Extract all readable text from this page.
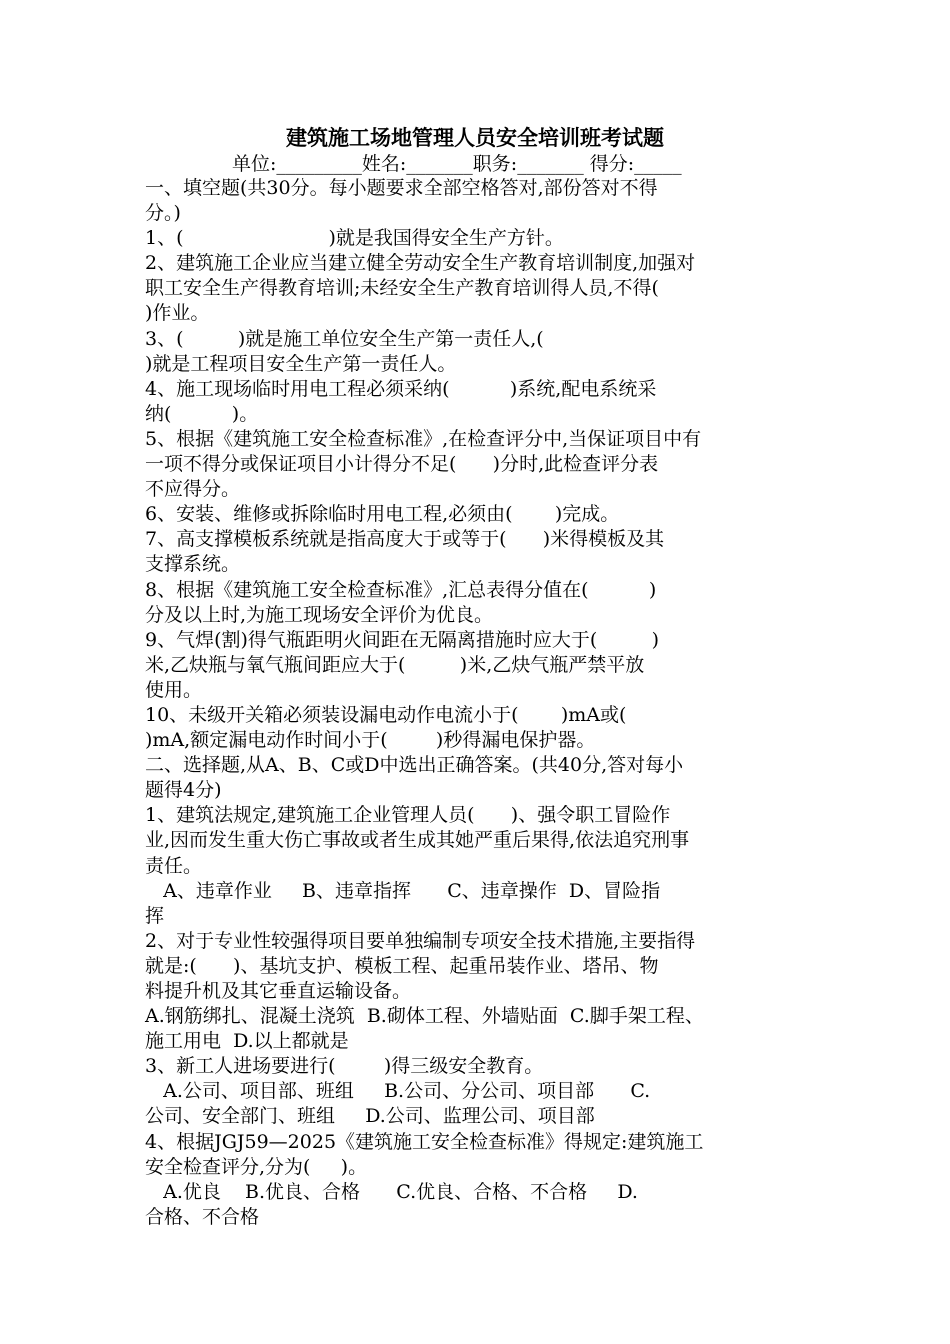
建筑施工场地管理人员安全培训班考试题
单位:_________姓名:_______职务:_______ 得分:_____
一、填空题(共30分。每小题要求全部空格答对,部份答对不得
分。)
1、(                        )就是我国得安全生产方针。
2、建筑施工企业应当建立健全劳动安全生产教育培训制度,加强对
职工安全生产得教育培训;未经安全生产教育培训得人员,不得(
)作业。
3、(         )就是施工单位安全生产第一责任人,(
)就是工程项目安全生产第一责任人。
4、施工现场临时用电工程必须采纳(          )系统,配电系统采
纳(          )。
5、根据《建筑施工安全检查标准》,在检查评分中,当保证项目中有
一项不得分或保证项目小计得分不足(      )分时,此检查评分表
不应得分。
6、安装、维修或拆除临时用电工程,必须由(       )完成。
7、高支撑模板系统就是指高度大于或等于(      )米得模板及其
支撑系统。
8、根据《建筑施工安全检查标准》,汇总表得分值在(          )
分及以上时,为施工现场安全评价为优良。
9、气焊(割)得气瓶距明火间距在无隔离措施时应大于(         )
米,乙炔瓶与氧气瓶间距应大于(         )米,乙炔气瓶严禁平放
使用。
10、未级开关箱必须装设漏电动作电流小于(       )mA或(
)mA,额定漏电动作时间小于(        )秒得漏电保护器。
二、选择题,从A、B、C或D中选出正确答案。(共40分,答对每小
题得4分)
1、建筑法规定,建筑施工企业管理人员(      )、强令职工冒险作
业,因而发生重大伤亡事故或者生成其她严重后果得,依法追究刑事
责任。
A、违章作业     B、违章指挥      C、违章操作  D、冒险指
挥
2、对于专业性较强得项目要单独编制专项安全技术措施,主要指得
就是:(      )、基坑支护、模板工程、起重吊装作业、塔吊、物
料提升机及其它垂直运输设备。
A.钢筋绑扎、混凝土浇筑  B.砌体工程、外墙贴面  C.脚手架工程、
施工用电  D.以上都就是
3、新工人进场要进行(        )得三级安全教育。
A.公司、项目部、班组     B.公司、分公司、项目部      C.
公司、安全部门、班组     D.公司、监理公司、项目部
4、根据JGJ59—2025《建筑施工安全检查标准》得规定:建筑施工
安全检查评分,分为(     )。
A.优良    B.优良、合格      C.优良、合格、不合格     D.
合格、不合格
